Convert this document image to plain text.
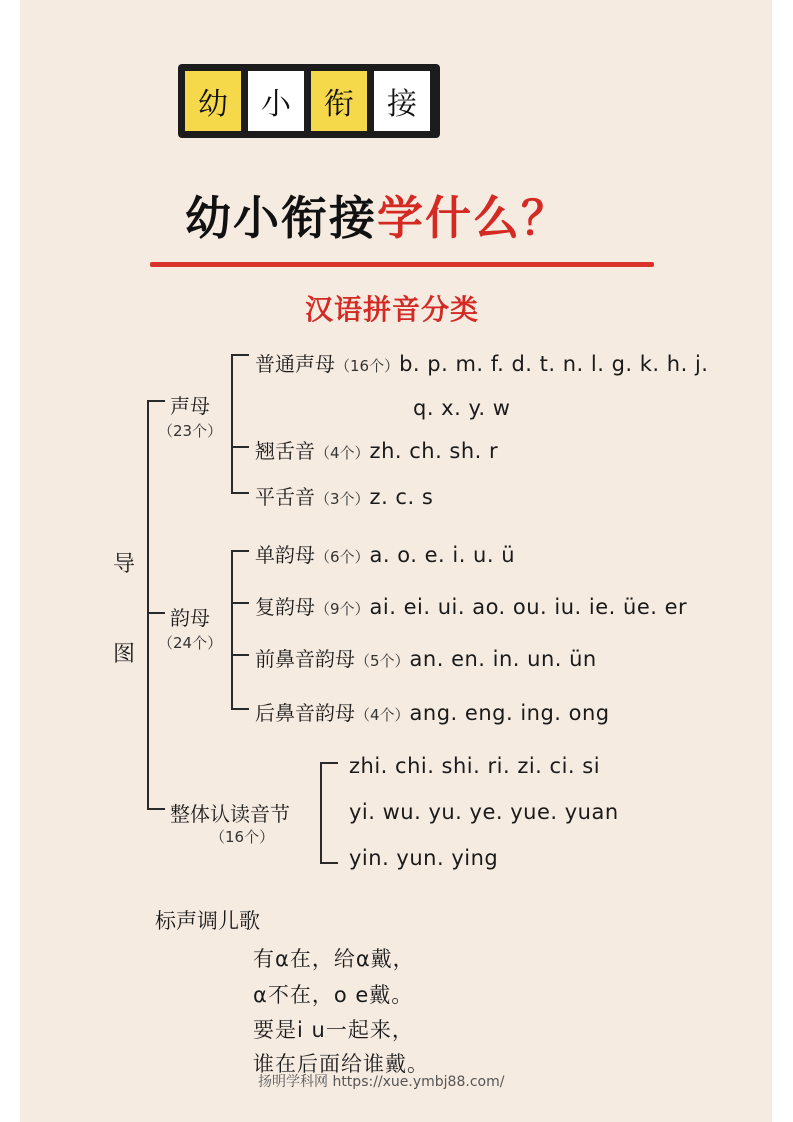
幼	小	衔	接
幼小衔接学什么？
汉语拼音分类
导
图
声母
（23个）
普通声母（16个）b. p. m. f. d. t. n. l. g. k. h. j.
q. x. y. w
翘舌音（4个）zh. ch. sh. r
平舌音（3个）z. c. s
韵母
（24个）
单韵母（6个）a. o. e. i. u. ü
复韵母（9个）ai. ei. ui. ao. ou. iu. ie. üe. er
前鼻音韵母（5个）an. en. in. un. ün
后鼻音韵母（4个）ang. eng. ing. ong
整体认读音节
（16个）
zhi. chi. shi. ri. zi. ci. si
yi. wu. yu. ye. yue. yuan
yin. yun. ying
标声调儿歌
有α在，给α戴，
α不在，o e戴。
要是i u一起来，
谁在后面给谁戴。
扬明学科网 https://xue.ymbj88.com/
